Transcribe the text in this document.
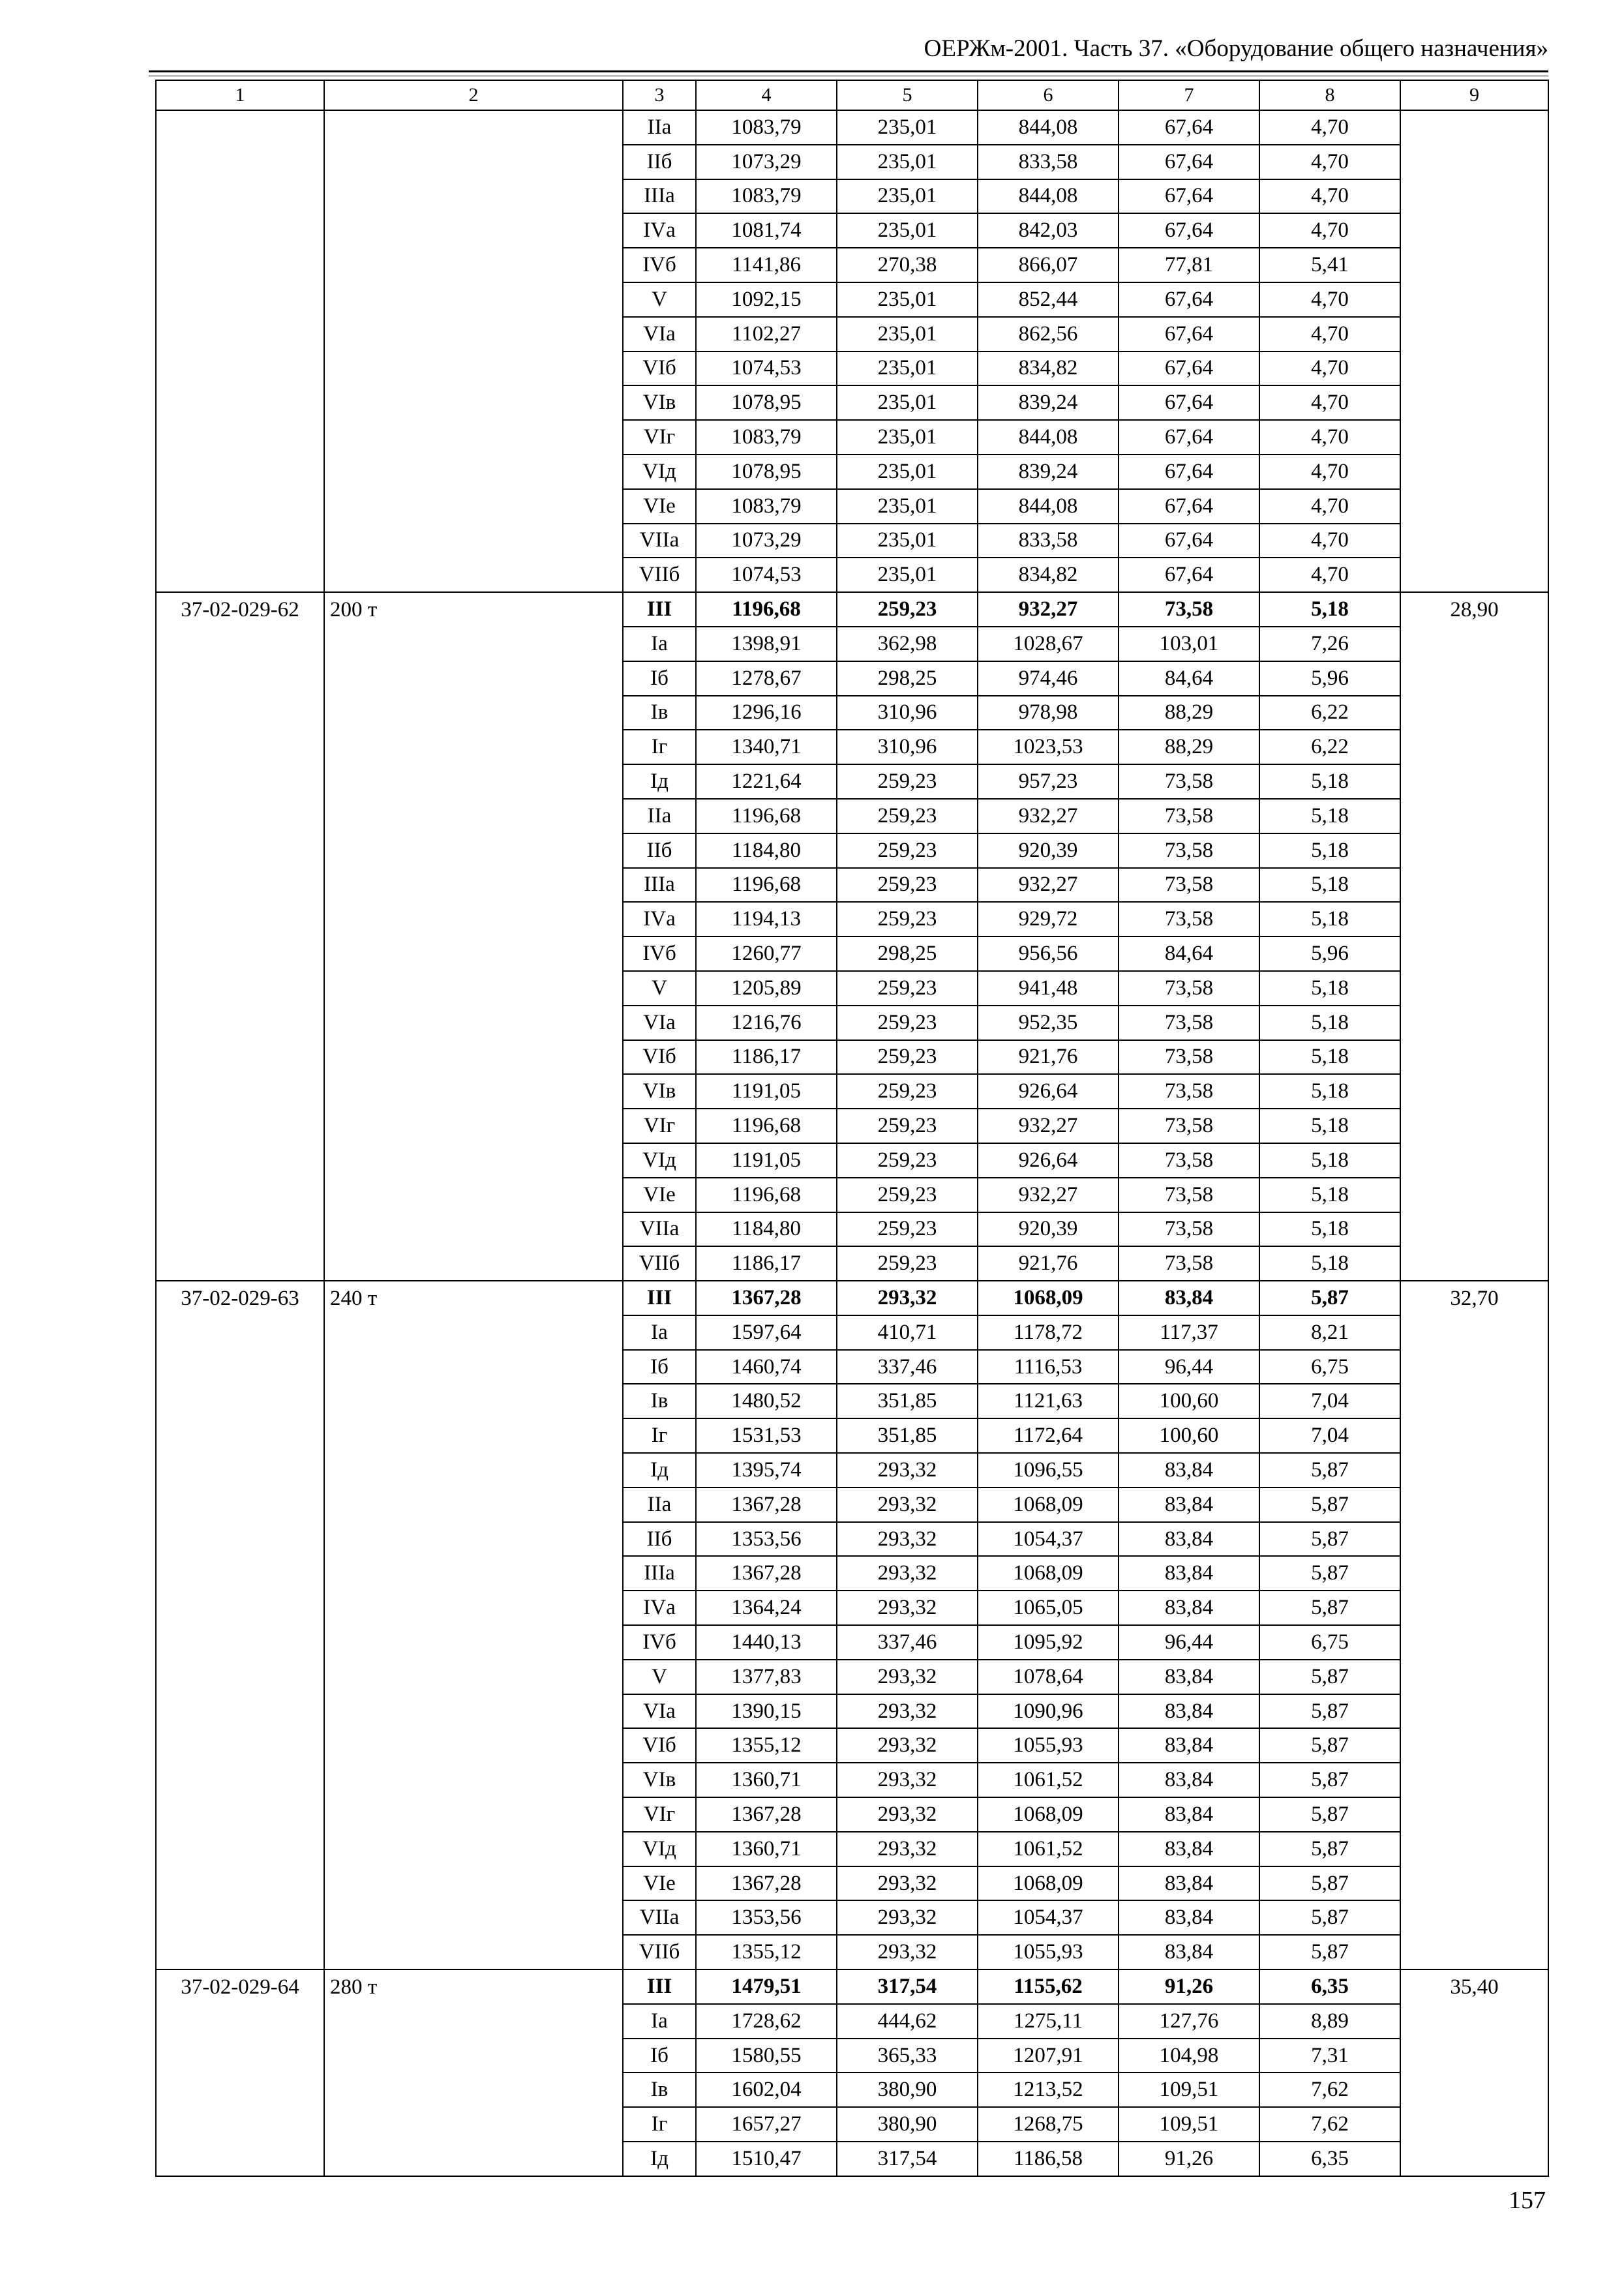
ОЕРЖм-2001. Часть 37. «Оборудование общего назначения»
1	2	3	4	5	6	7	8	9
		IIа	1083,79	235,01	844,08	67,64	4,70	
		IIб	1073,29	235,01	833,58	67,64	4,70	
		IIIа	1083,79	235,01	844,08	67,64	4,70	
		IVа	1081,74	235,01	842,03	67,64	4,70	
		IVб	1141,86	270,38	866,07	77,81	5,41	
		V	1092,15	235,01	852,44	67,64	4,70	
		VIа	1102,27	235,01	862,56	67,64	4,70	
		VIб	1074,53	235,01	834,82	67,64	4,70	
		VIв	1078,95	235,01	839,24	67,64	4,70	
		VIг	1083,79	235,01	844,08	67,64	4,70	
		VIд	1078,95	235,01	839,24	67,64	4,70	
		VIе	1083,79	235,01	844,08	67,64	4,70	
		VIIа	1073,29	235,01	833,58	67,64	4,70	
		VIIб	1074,53	235,01	834,82	67,64	4,70	
37-02-029-62	200 т	III	1196,68	259,23	932,27	73,58	5,18	28,90
		Iа	1398,91	362,98	1028,67	103,01	7,26	
		Iб	1278,67	298,25	974,46	84,64	5,96	
		Iв	1296,16	310,96	978,98	88,29	6,22	
		Iг	1340,71	310,96	1023,53	88,29	6,22	
		Iд	1221,64	259,23	957,23	73,58	5,18	
		IIа	1196,68	259,23	932,27	73,58	5,18	
		IIб	1184,80	259,23	920,39	73,58	5,18	
		IIIа	1196,68	259,23	932,27	73,58	5,18	
		IVа	1194,13	259,23	929,72	73,58	5,18	
		IVб	1260,77	298,25	956,56	84,64	5,96	
		V	1205,89	259,23	941,48	73,58	5,18	
		VIа	1216,76	259,23	952,35	73,58	5,18	
		VIб	1186,17	259,23	921,76	73,58	5,18	
		VIв	1191,05	259,23	926,64	73,58	5,18	
		VIг	1196,68	259,23	932,27	73,58	5,18	
		VIд	1191,05	259,23	926,64	73,58	5,18	
		VIе	1196,68	259,23	932,27	73,58	5,18	
		VIIа	1184,80	259,23	920,39	73,58	5,18	
		VIIб	1186,17	259,23	921,76	73,58	5,18	
37-02-029-63	240 т	III	1367,28	293,32	1068,09	83,84	5,87	32,70
		Iа	1597,64	410,71	1178,72	117,37	8,21	
		Iб	1460,74	337,46	1116,53	96,44	6,75	
		Iв	1480,52	351,85	1121,63	100,60	7,04	
		Iг	1531,53	351,85	1172,64	100,60	7,04	
		Iд	1395,74	293,32	1096,55	83,84	5,87	
		IIа	1367,28	293,32	1068,09	83,84	5,87	
		IIб	1353,56	293,32	1054,37	83,84	5,87	
		IIIа	1367,28	293,32	1068,09	83,84	5,87	
		IVа	1364,24	293,32	1065,05	83,84	5,87	
		IVб	1440,13	337,46	1095,92	96,44	6,75	
		V	1377,83	293,32	1078,64	83,84	5,87	
		VIа	1390,15	293,32	1090,96	83,84	5,87	
		VIб	1355,12	293,32	1055,93	83,84	5,87	
		VIв	1360,71	293,32	1061,52	83,84	5,87	
		VIг	1367,28	293,32	1068,09	83,84	5,87	
		VIд	1360,71	293,32	1061,52	83,84	5,87	
		VIе	1367,28	293,32	1068,09	83,84	5,87	
		VIIа	1353,56	293,32	1054,37	83,84	5,87	
		VIIб	1355,12	293,32	1055,93	83,84	5,87	
37-02-029-64	280 т	III	1479,51	317,54	1155,62	91,26	6,35	35,40
		Iа	1728,62	444,62	1275,11	127,76	8,89	
		Iб	1580,55	365,33	1207,91	104,98	7,31	
		Iв	1602,04	380,90	1213,52	109,51	7,62	
		Iг	1657,27	380,90	1268,75	109,51	7,62	
		Iд	1510,47	317,54	1186,58	91,26	6,35	
157
